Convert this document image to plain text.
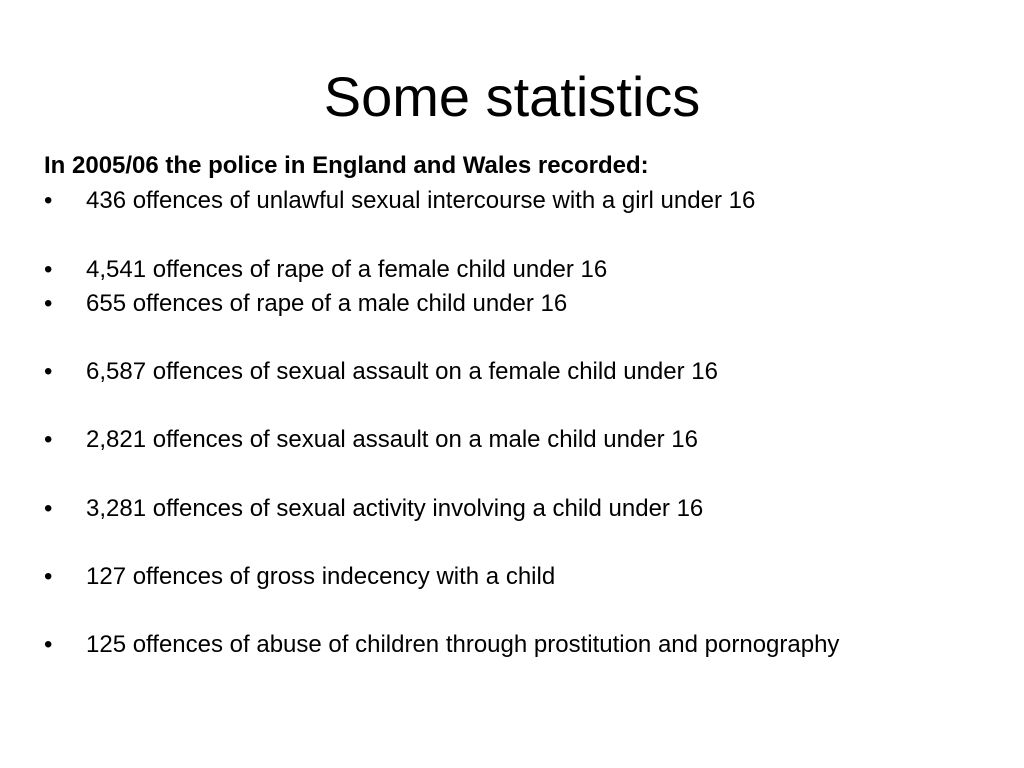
Some statistics

In 2005/06 the police in England and Wales recorded:

•	436 offences of unlawful sexual intercourse with a girl under 16
•	4,541 offences of rape of a female child under 16
•	655 offences of rape of a male child under 16
•	6,587 offences of sexual assault on a female child under 16
•	2,821 offences of sexual assault on a male child under 16
•	3,281 offences of sexual activity involving a child under 16
•	127 offences of gross indecency with a child
•	125 offences of abuse of children through prostitution and pornography
